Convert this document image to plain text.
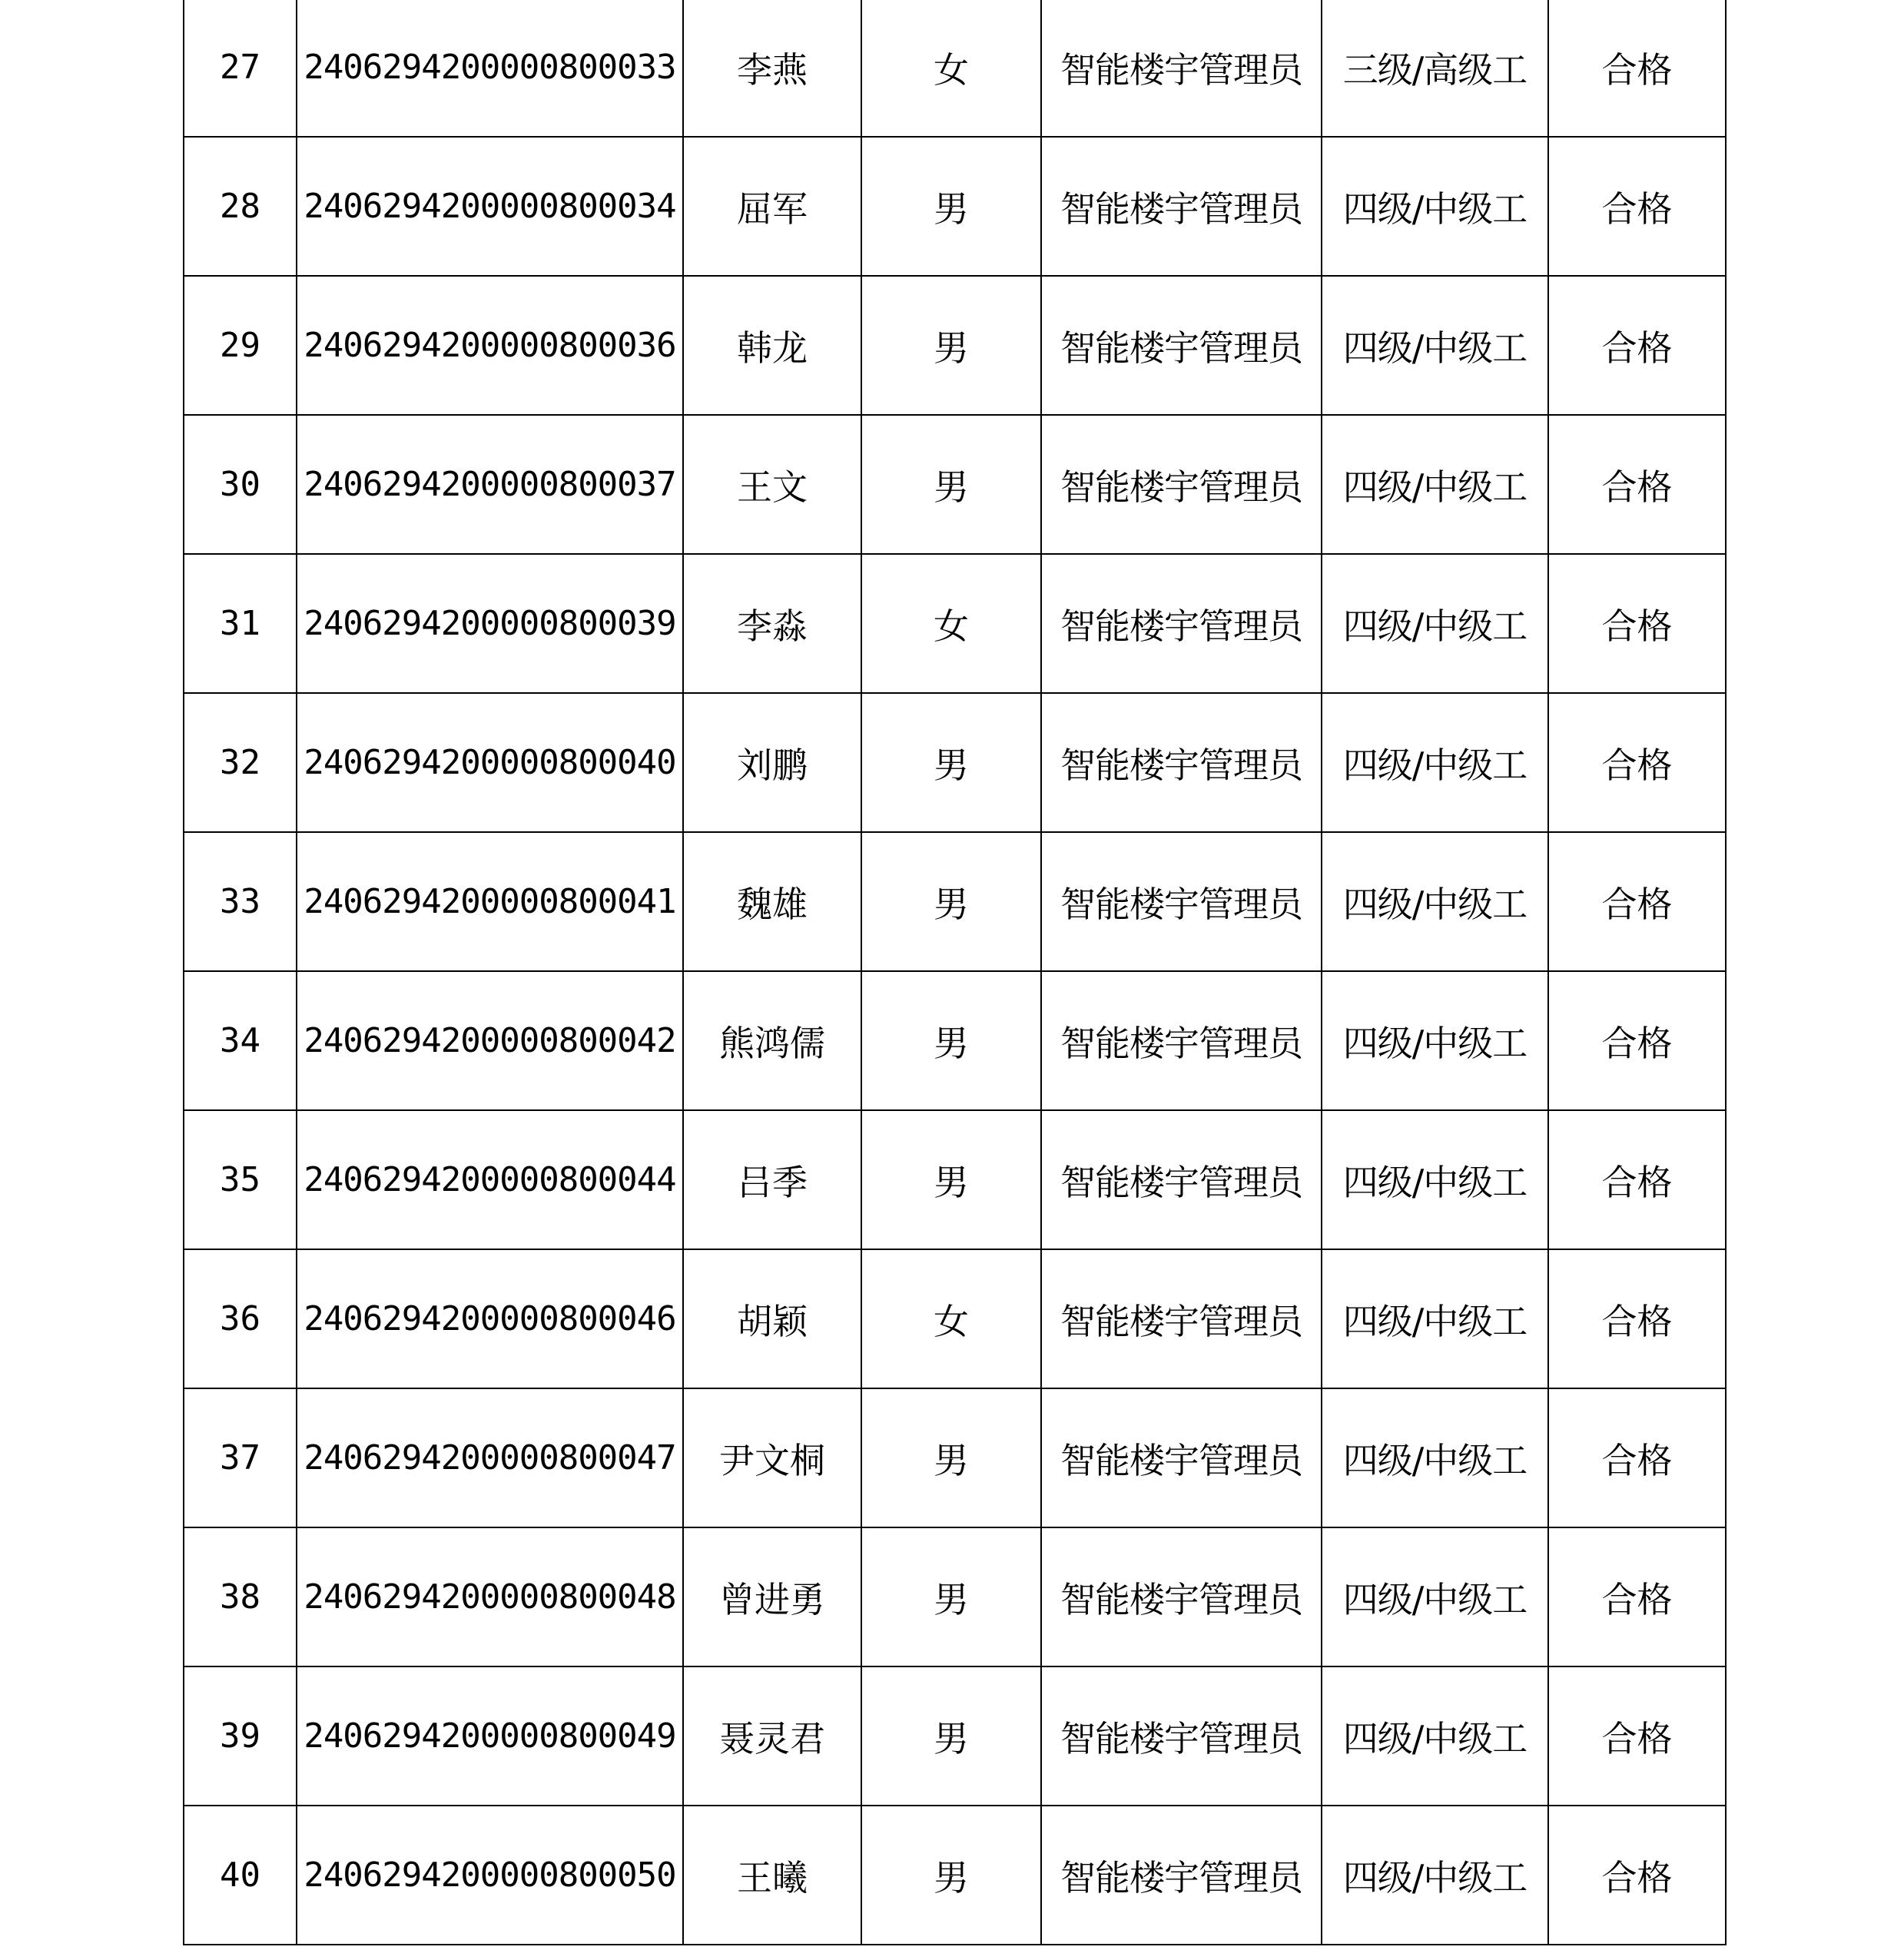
27	2406294200000800033	李燕	女	智能楼宇管理员	三级/高级工	合格
28	2406294200000800034	屈军	男	智能楼宇管理员	四级/中级工	合格
29	2406294200000800036	韩龙	男	智能楼宇管理员	四级/中级工	合格
30	2406294200000800037	王文	男	智能楼宇管理员	四级/中级工	合格
31	2406294200000800039	李淼	女	智能楼宇管理员	四级/中级工	合格
32	2406294200000800040	刘鹏	男	智能楼宇管理员	四级/中级工	合格
33	2406294200000800041	魏雄	男	智能楼宇管理员	四级/中级工	合格
34	2406294200000800042	熊鸿儒	男	智能楼宇管理员	四级/中级工	合格
35	2406294200000800044	吕季	男	智能楼宇管理员	四级/中级工	合格
36	2406294200000800046	胡颖	女	智能楼宇管理员	四级/中级工	合格
37	2406294200000800047	尹文桐	男	智能楼宇管理员	四级/中级工	合格
38	2406294200000800048	曾进勇	男	智能楼宇管理员	四级/中级工	合格
39	2406294200000800049	聂灵君	男	智能楼宇管理员	四级/中级工	合格
40	2406294200000800050	王曦	男	智能楼宇管理员	四级/中级工	合格
